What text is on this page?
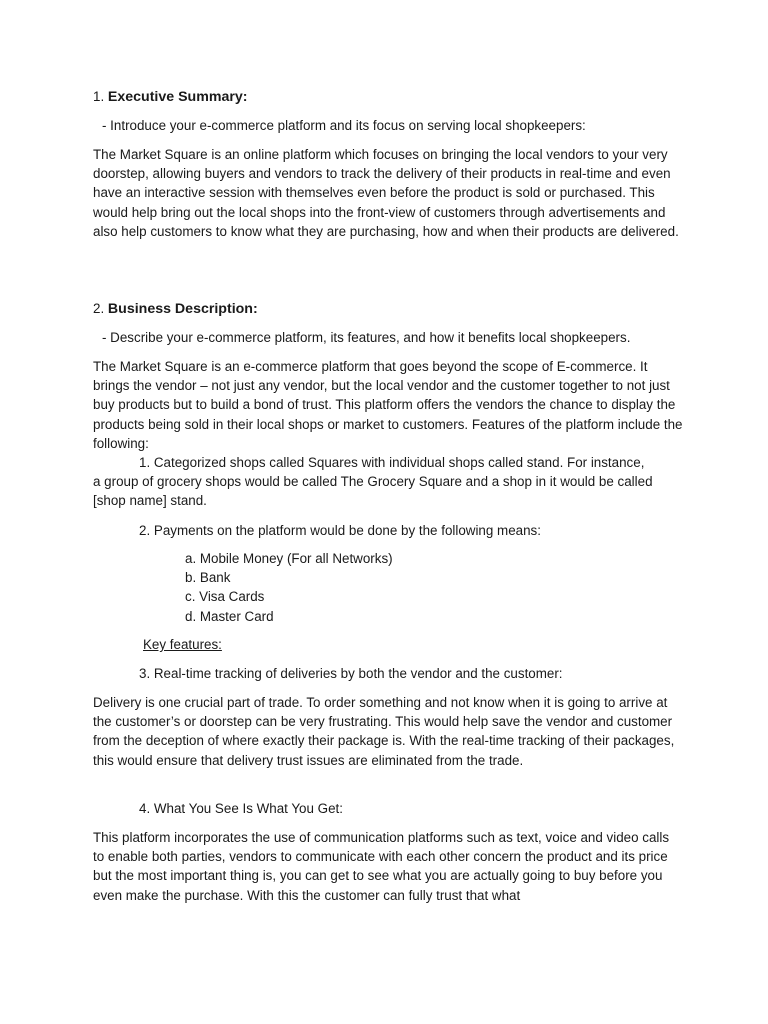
1. Executive Summary:
- Introduce your e-commerce platform and its focus on serving local shopkeepers:

The Market Square is an online platform which focuses on bringing the local vendors to your very doorstep, allowing buyers and vendors to track the delivery of their products in real-time and even have an interactive session with themselves even before the product is sold or purchased. This would help bring out the local shops into the front-view of customers through advertisements and also help customers to know what they are purchasing, how and when their products are delivered.

2. Business Description:
- Describe your e-commerce platform, its features, and how it benefits local shopkeepers.

The Market Square is an e-commerce platform that goes beyond the scope of E-commerce. It brings the vendor – not just any vendor, but the local vendor and the customer together to not just buy products but to build a bond of trust. This platform offers the vendors the chance to display the products being sold in their local shops or market to customers. Features of the platform include the following:

1. Categorized shops called Squares with individual shops called stand. For instance,

a group of grocery shops would be called The Grocery Square and a shop in it would be called [shop name] stand.

2. Payments on the platform would be done by the following means:
a. Mobile Money (For all Networks)
b. Bank
c. Visa Cards
d. Master Card
Key features:
3. Real-time tracking of deliveries by both the vendor and the customer:

Delivery is one crucial part of trade. To order something and not know when it is going to arrive at the customer’s or doorstep can be very frustrating. This would help save the vendor and customer from the deception of where exactly their package is. With the real-time tracking of their packages, this would ensure that delivery trust issues are eliminated from the trade.

4. What You See Is What You Get:

This platform incorporates the use of communication platforms such as text, voice and video calls to enable both parties, vendors to communicate with each other concern the product and its price but the most important thing is, you can get to see what you are actually going to buy before you even make the purchase. With this the customer can fully trust that what
